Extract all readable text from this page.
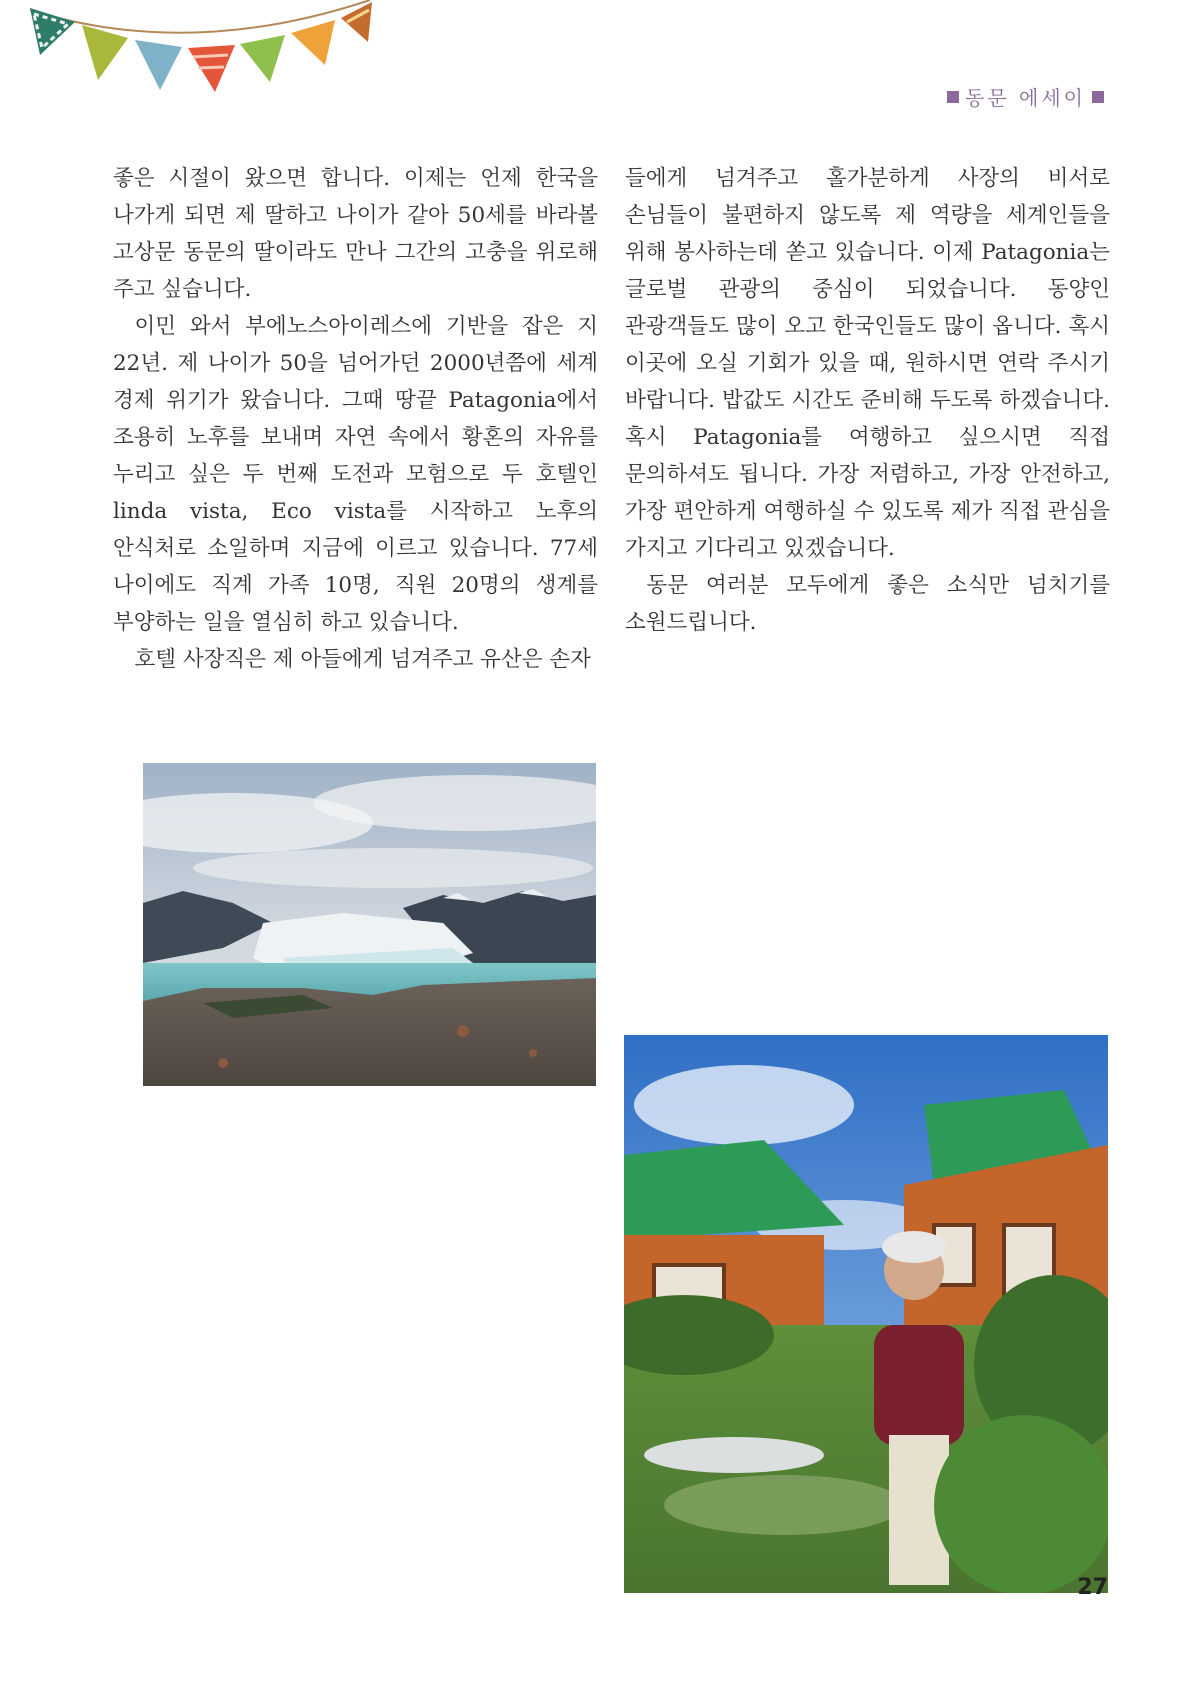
동문 에세이

좋은 시절이 왔으면 합니다. 이제는 언제 한국을 나가게 되면 제 딸하고 나이가 같아 50세를 바라볼 고상문 동문의 딸이라도 만나 그간의 고충을 위로해 주고 싶습니다.

이민 와서 부에노스아이레스에 기반을 잡은 지 22년. 제 나이가 50을 넘어가던 2000년쯤에 세계 경제 위기가 왔습니다. 그때 땅끝 Patagonia에서 조용히 노후를 보내며 자연 속에서 황혼의 자유를 누리고 싶은 두 번째 도전과 모험으로 두 호텔인 linda vista, Eco vista를 시작하고 노후의 안식처로 소일하며 지금에 이르고 있습니다. 77세 나이에도 직계 가족 10명, 직원 20명의 생계를 부양하는 일을 열심히 하고 있습니다.

호텔 사장직은 제 아들에게 넘겨주고 유산은 손자

들에게 넘겨주고 홀가분하게 사장의 비서로 손님들이 불편하지 않도록 제 역량을 세계인들을 위해 봉사하는데 쏟고 있습니다. 이제 Patagonia는 글로벌 관광의 중심이 되었습니다. 동양인 관광객들도 많이 오고 한국인들도 많이 옵니다. 혹시 이곳에 오실 기회가 있을 때, 원하시면 연락 주시기 바랍니다. 밥값도 시간도 준비해 두도록 하겠습니다. 혹시 Patagonia를 여행하고 싶으시면 직접 문의하셔도 됩니다. 가장 저렴하고, 가장 안전하고, 가장 편안하게 여행하실 수 있도록 제가 직접 관심을 가지고 기다리고 있겠습니다.

동문 여러분 모두에게 좋은 소식만 넘치기를 소원드립니다.

27
